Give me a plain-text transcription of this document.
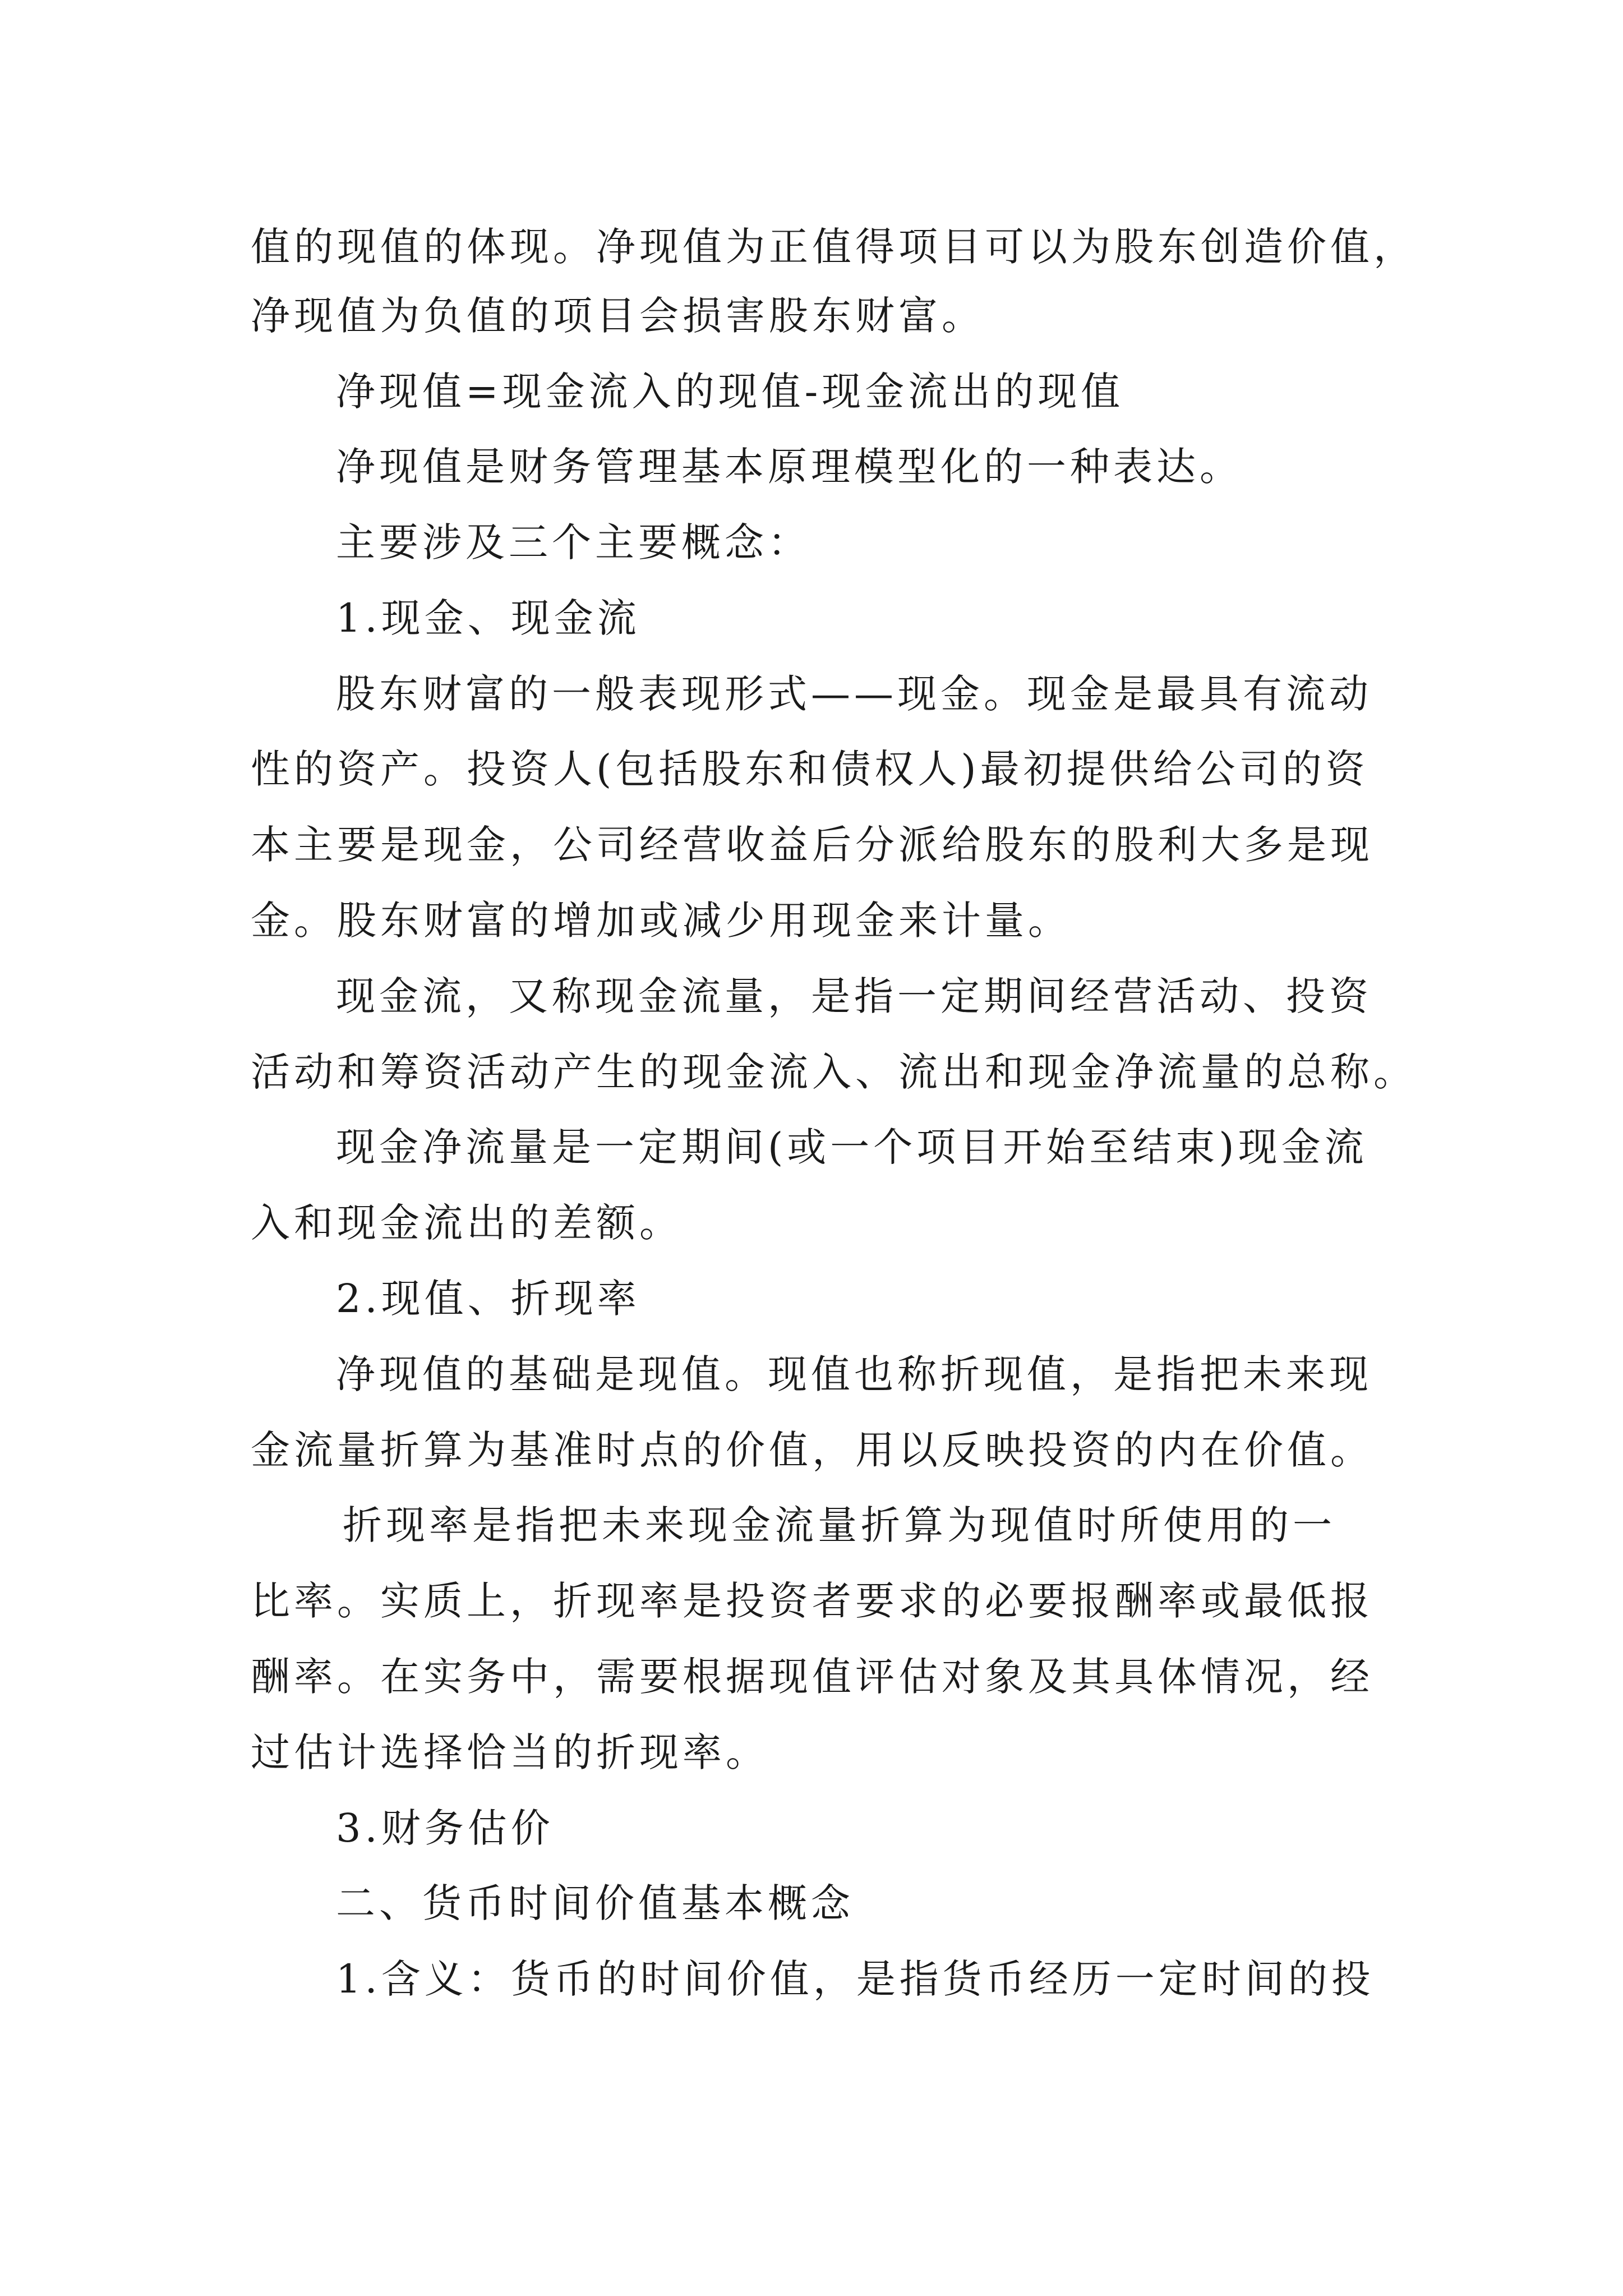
值的现值的体现。净现值为正值得项目可以为股东创造价值，

净现值为负值的项目会损害股东财富。

净现值=现金流入的现值-现金流出的现值

净现值是财务管理基本原理模型化的一种表达。

主要涉及三个主要概念：

1.现金、现金流

股东财富的一般表现形式——现金。现金是最具有流动

性的资产。投资人(包括股东和债权人)最初提供给公司的资

本主要是现金，公司经营收益后分派给股东的股利大多是现

金。股东财富的增加或减少用现金来计量。

现金流，又称现金流量，是指一定期间经营活动、投资

活动和筹资活动产生的现金流入、流出和现金净流量的总称。

现金净流量是一定期间(或一个项目开始至结束)现金流

入和现金流出的差额。

2.现值、折现率

净现值的基础是现值。现值也称折现值，是指把未来现

金流量折算为基准时点的价值，用以反映投资的内在价值。

折现率是指把未来现金流量折算为现值时所使用的一

比率。实质上，折现率是投资者要求的必要报酬率或最低报

酬率。在实务中，需要根据现值评估对象及其具体情况，经

过估计选择恰当的折现率。

3.财务估价

二、货币时间价值基本概念

1.含义：货币的时间价值，是指货币经历一定时间的投
